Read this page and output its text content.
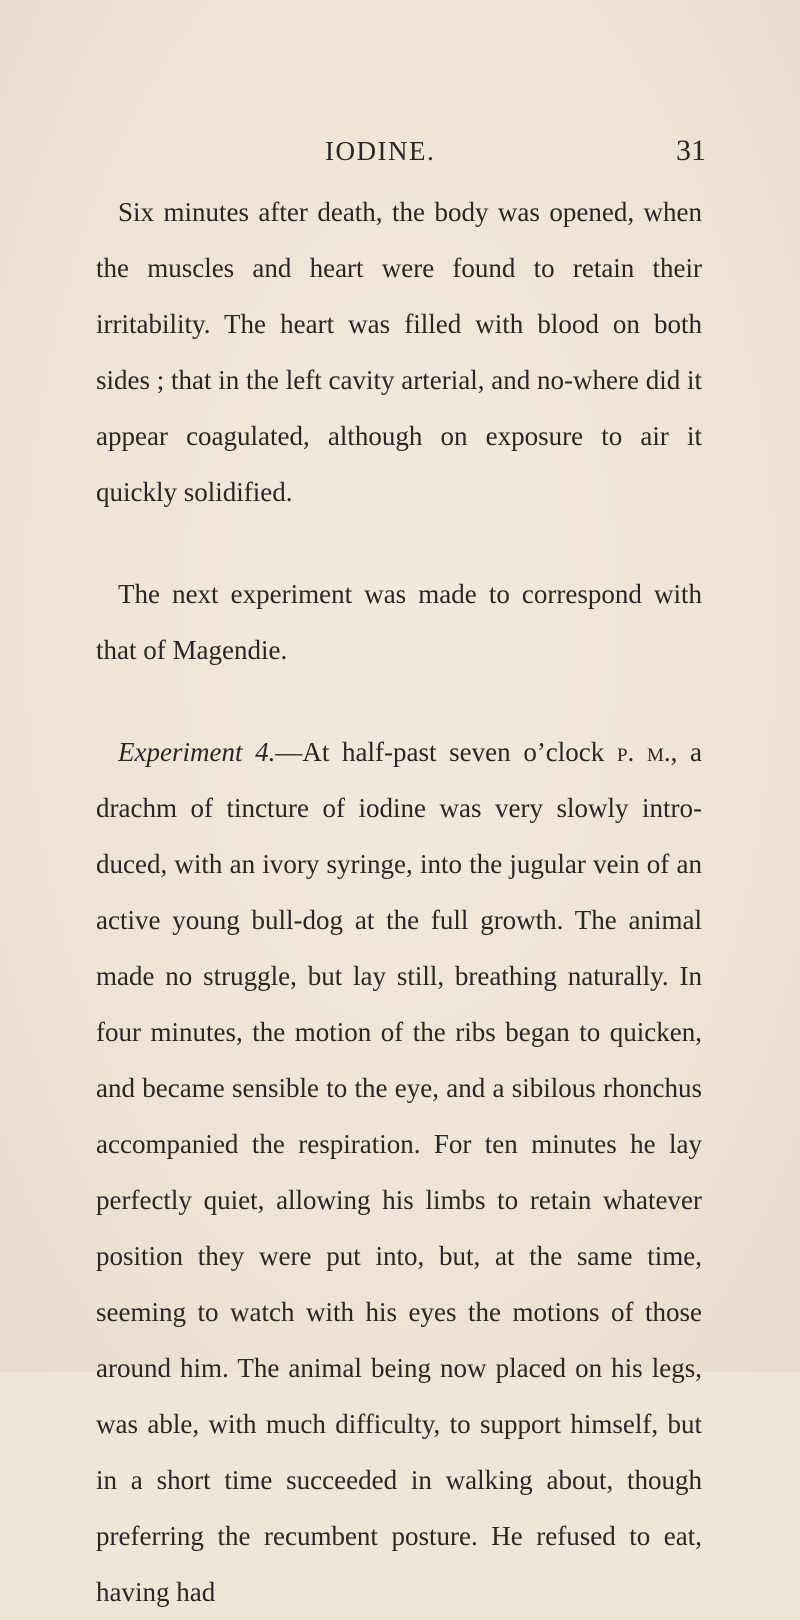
IODINE.	31

Six minutes after death, the body was opened, when the muscles and heart were found to retain their irritability. The heart was filled with blood on both sides ; that in the left cavity arterial, and no-where did it appear coagulated, although on exposure to air it quickly solidified.

The next experiment was made to correspond with that of Magendie.

Experiment 4.—At half-past seven o’clock p. m., a drachm of tincture of iodine was very slowly intro-duced, with an ivory syringe, into the jugular vein of an active young bull-dog at the full growth. The animal made no struggle, but lay still, breathing naturally. In four minutes, the motion of the ribs began to quicken, and became sensible to the eye, and a sibilous rhonchus accompanied the respiration. For ten minutes he lay perfectly quiet, allowing his limbs to retain whatever position they were put into, but, at the same time, seeming to watch with his eyes the motions of those around him. The animal being now placed on his legs, was able, with much difficulty, to support himself, but in a short time succeeded in walking about, though preferring the recumbent posture. He refused to eat, having had
